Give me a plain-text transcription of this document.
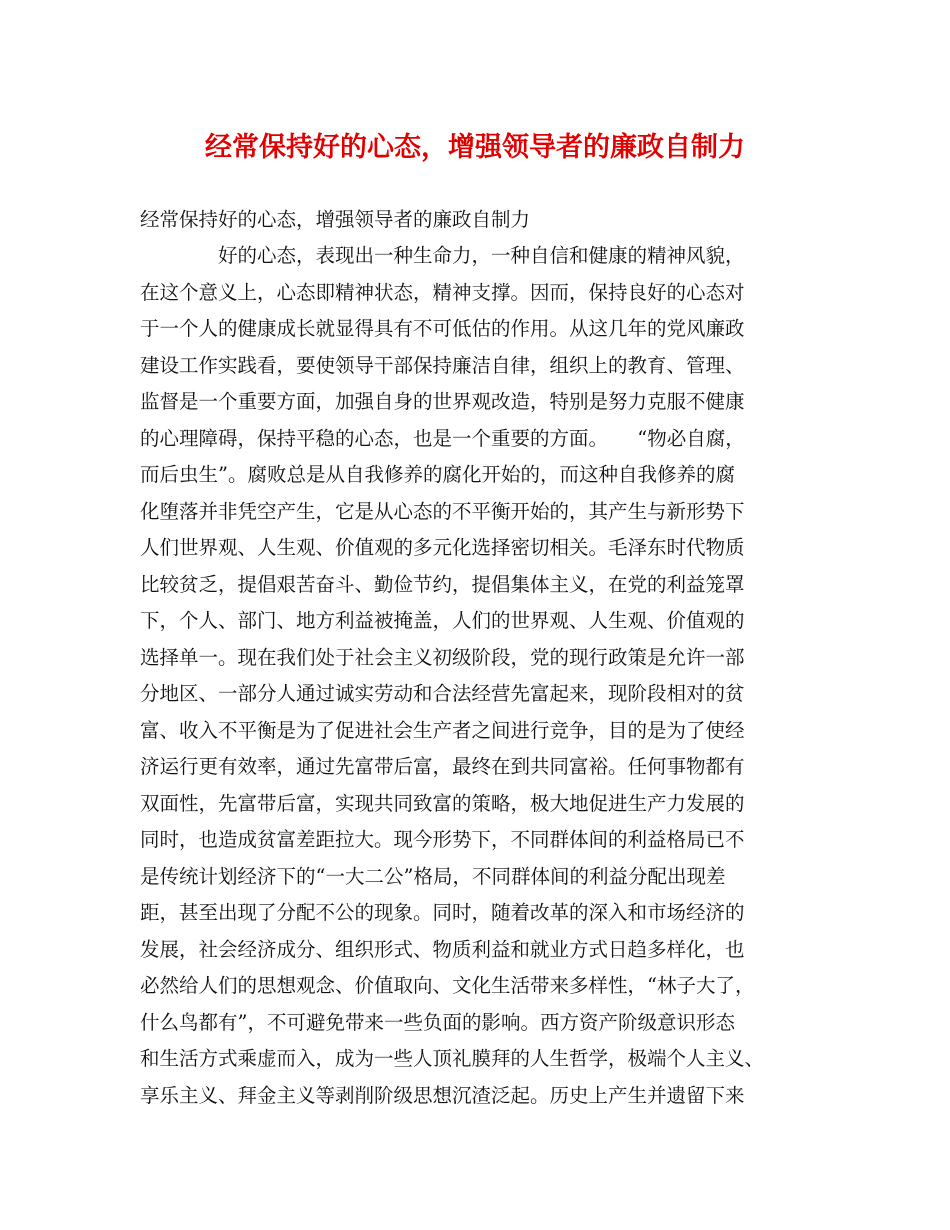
经常保持好的心态，增强领导者的廉政自制力
经常保持好的心态，增强领导者的廉政自制力
好的心态，表现出一种生命力，一种自信和健康的精神风貌，
在这个意义上，心态即精神状态，精神支撑。因而，保持良好的心态对
于一个人的健康成长就显得具有不可低估的作用。从这几年的党风廉政
建设工作实践看，要使领导干部保持廉洁自律，组织上的教育、管理、
监督是一个重要方面，加强自身的世界观改造，特别是努力克服不健康
的心理障碍，保持平稳的心态，也是一个重要的方面。　　“物必自腐，
而后虫生”。腐败总是从自我修养的腐化开始的，而这种自我修养的腐
化堕落并非凭空产生，它是从心态的不平衡开始的，其产生与新形势下
人们世界观、人生观、价值观的多元化选择密切相关。毛泽东时代物质
比较贫乏，提倡艰苦奋斗、勤俭节约，提倡集体主义，在党的利益笼罩
下，个人、部门、地方利益被掩盖，人们的世界观、人生观、价值观的
选择单一。现在我们处于社会主义初级阶段，党的现行政策是允许一部
分地区、一部分人通过诚实劳动和合法经营先富起来，现阶段相对的贫
富、收入不平衡是为了促进社会生产者之间进行竞争，目的是为了使经
济运行更有效率，通过先富带后富，最终在到共同富裕。任何事物都有
双面性，先富带后富，实现共同致富的策略，极大地促进生产力发展的
同时，也造成贫富差距拉大。现今形势下，不同群体间的利益格局已不
是传统计划经济下的“一大二公”格局，不同群体间的利益分配出现差
距，甚至出现了分配不公的现象。同时，随着改革的深入和市场经济的
发展，社会经济成分、组织形式、物质利益和就业方式日趋多样化，也
必然给人们的思想观念、价值取向、文化生活带来多样性，“林子大了，
什么鸟都有”，不可避免带来一些负面的影响。西方资产阶级意识形态
和生活方式乘虚而入，成为一些人顶礼膜拜的人生哲学，极端个人主义、
享乐主义、拜金主义等剥削阶级思想沉渣泛起。历史上产生并遗留下来
